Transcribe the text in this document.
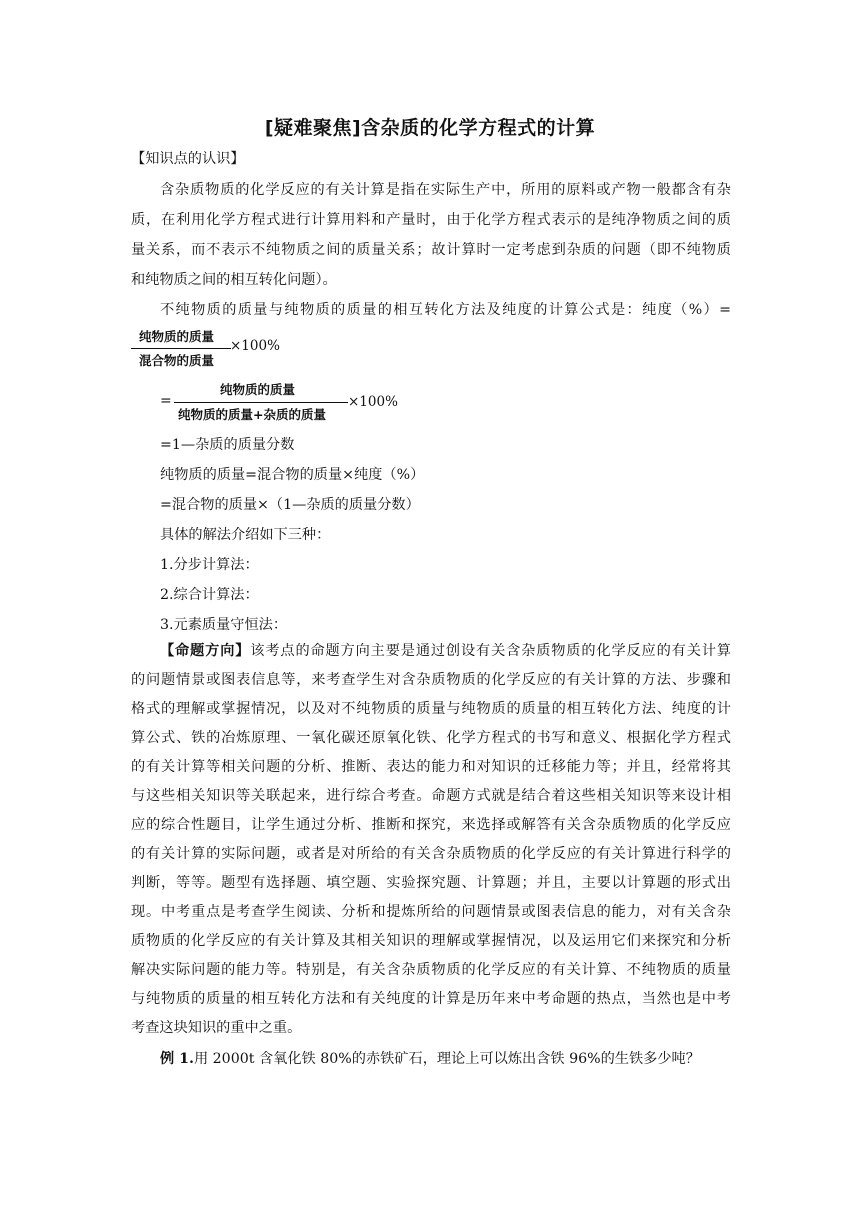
[疑难聚焦]含杂质的化学方程式的计算
【知识点的认识】
含杂质物质的化学反应的有关计算是指在实际生产中，所用的原料或产物一般都含有杂
质，在利用化学方程式进行计算用料和产量时，由于化学方程式表示的是纯净物质之间的质
量关系，而不表示不纯物质之间的质量关系；故计算时一定考虑到杂质的问题（即不纯物质
和纯物质之间的相互转化问题）。
不纯物质的质量与纯物质的质量的相互转化方法及纯度的计算公式是：纯度（%）=
纯物质的质量
混合物的质量
×100%
=
纯物质的质量
纯物质的质量+杂质的质量
×100%
=1—杂质的质量分数
纯物质的质量=混合物的质量×纯度（%）
=混合物的质量×（1—杂质的质量分数）
具体的解法介绍如下三种：
1.分步计算法：
2.综合计算法：
3.元素质量守恒法：
【命题方向】该考点的命题方向主要是通过创设有关含杂质物质的化学反应的有关计算
的问题情景或图表信息等，来考查学生对含杂质物质的化学反应的有关计算的方法、步骤和
格式的理解或掌握情况，以及对不纯物质的质量与纯物质的质量的相互转化方法、纯度的计
算公式、铁的冶炼原理、一氧化碳还原氧化铁、化学方程式的书写和意义、根据化学方程式
的有关计算等相关问题的分析、推断、表达的能力和对知识的迁移能力等；并且，经常将其
与这些相关知识等关联起来，进行综合考查。命题方式就是结合着这些相关知识等来设计相
应的综合性题目，让学生通过分析、推断和探究，来选择或解答有关含杂质物质的化学反应
的有关计算的实际问题，或者是对所给的有关含杂质物质的化学反应的有关计算进行科学的
判断，等等。题型有选择题、填空题、实验探究题、计算题；并且，主要以计算题的形式出
现。中考重点是考查学生阅读、分析和提炼所给的问题情景或图表信息的能力，对有关含杂
质物质的化学反应的有关计算及其相关知识的理解或掌握情况，以及运用它们来探究和分析
解决实际问题的能力等。特别是，有关含杂质物质的化学反应的有关计算、不纯物质的质量
与纯物质的质量的相互转化方法和有关纯度的计算是历年来中考命题的热点，当然也是中考
考查这块知识的重中之重。
例 1.用 2000t 含氧化铁 80%的赤铁矿石，理论上可以炼出含铁 96%的生铁多少吨？
